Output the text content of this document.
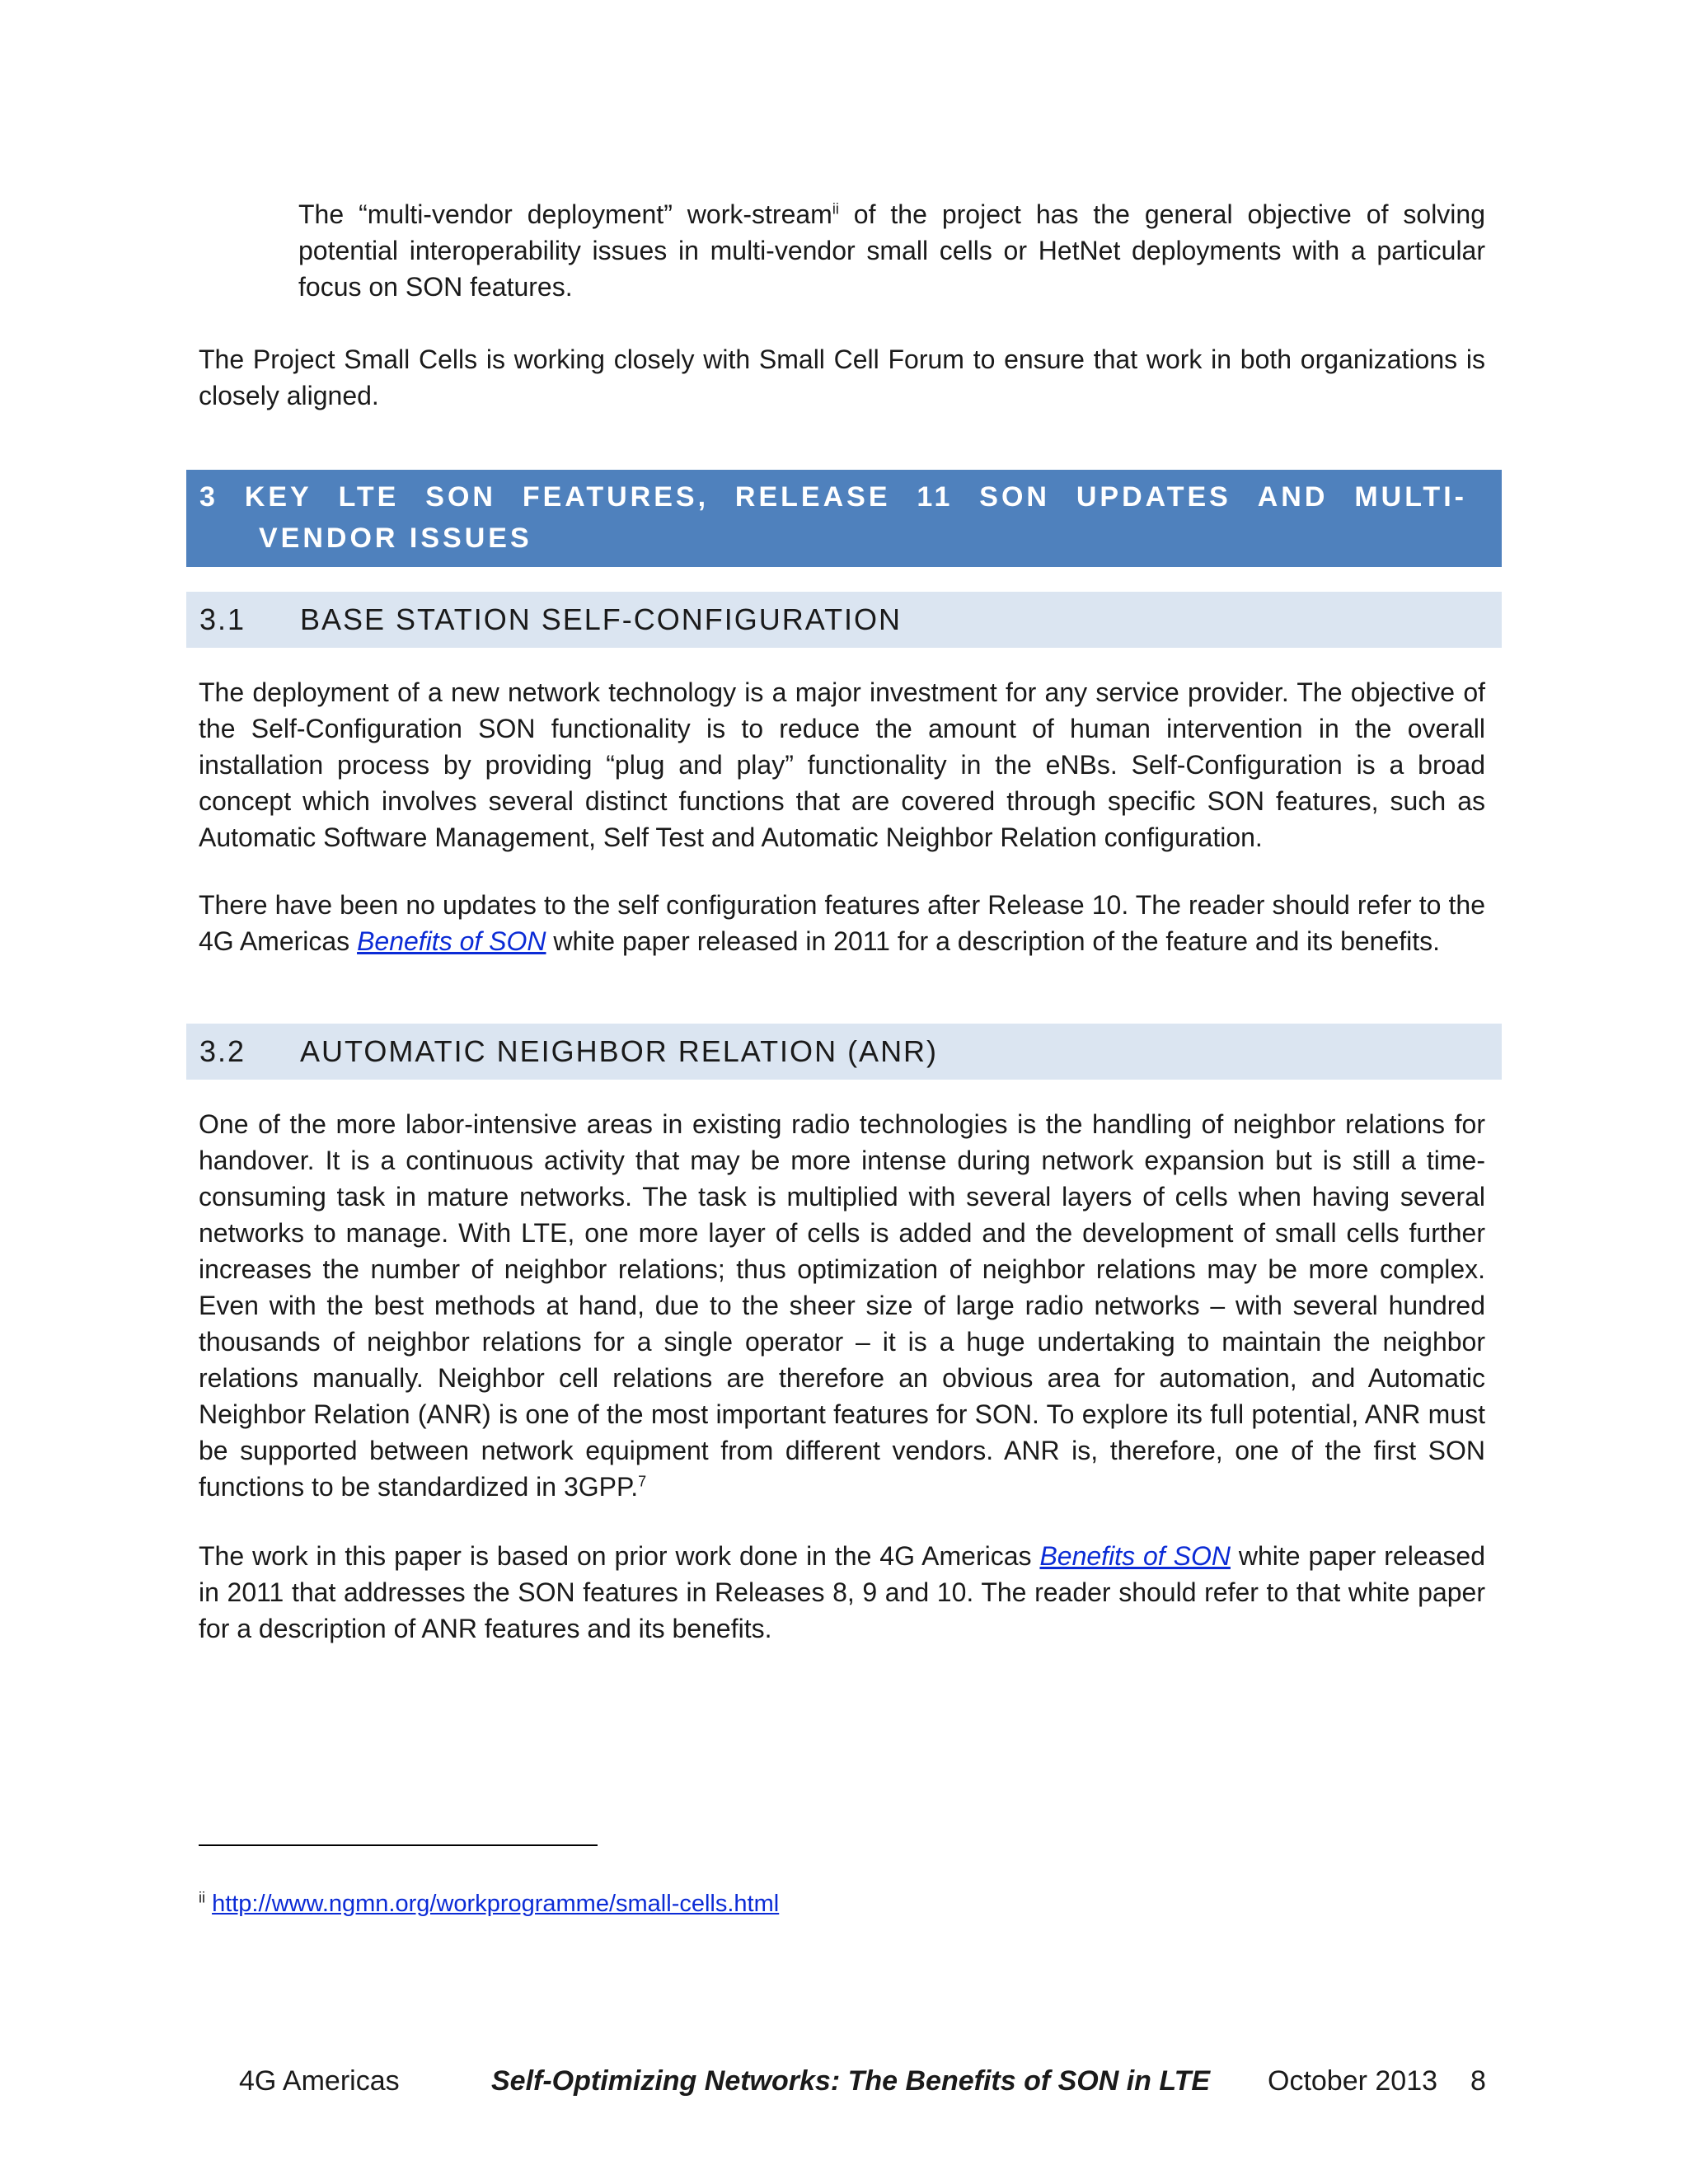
The “multi-vendor deployment” work-stream$^{ii}$ of the project has the general objective of solving potential interoperability issues in multi-vendor small cells or HetNet deployments with a particular focus on SON features.

The Project Small Cells is working closely with Small Cell Forum to ensure that work in both organizations is closely aligned.

3 KEY LTE SON FEATURES, RELEASE 11 SON UPDATES AND MULTI-
VENDOR ISSUES
3.1 BASE STATION SELF-CONFIGURATION

The deployment of a new network technology is a major investment for any service provider. The objective of the Self-Configuration SON functionality is to reduce the amount of human intervention in the overall installation process by providing “plug and play” functionality in the eNBs. Self-Configuration is a broad concept which involves several distinct functions that are covered through specific SON features, such as Automatic Software Management, Self Test and Automatic Neighbor Relation configuration.

There have been no updates to the self configuration features after Release 10. The reader should refer to the 4G Americas Benefits of SON white paper released in 2011 for a description of the feature and its benefits.

3.2 AUTOMATIC NEIGHBOR RELATION (ANR)

One of the more labor-intensive areas in existing radio technologies is the handling of neighbor relations for handover. It is a continuous activity that may be more intense during network expansion but is still a time-consuming task in mature networks. The task is multiplied with several layers of cells when having several networks to manage. With LTE, one more layer of cells is added and the development of small cells further increases the number of neighbor relations; thus optimization of neighbor relations may be more complex. Even with the best methods at hand, due to the sheer size of large radio networks – with several hundred thousands of neighbor relations for a single operator – it is a huge undertaking to maintain the neighbor relations manually. Neighbor cell relations are therefore an obvious area for automation, and Automatic Neighbor Relation (ANR) is one of the most important features for SON. To explore its full potential, ANR must be supported between network equipment from different vendors. ANR is, therefore, one of the first SON functions to be standardized in 3GPP.$^7$

The work in this paper is based on prior work done in the 4G Americas Benefits of SON white paper released in 2011 that addresses the SON features in Releases 8, 9 and 10. The reader should refer to that white paper for a description of ANR features and its benefits.

$^{ii}$ http://www.ngmn.org/workprogramme/small-cells.html
4G Americas	Self-Optimizing Networks: The Benefits of SON in LTE October 2013 8
